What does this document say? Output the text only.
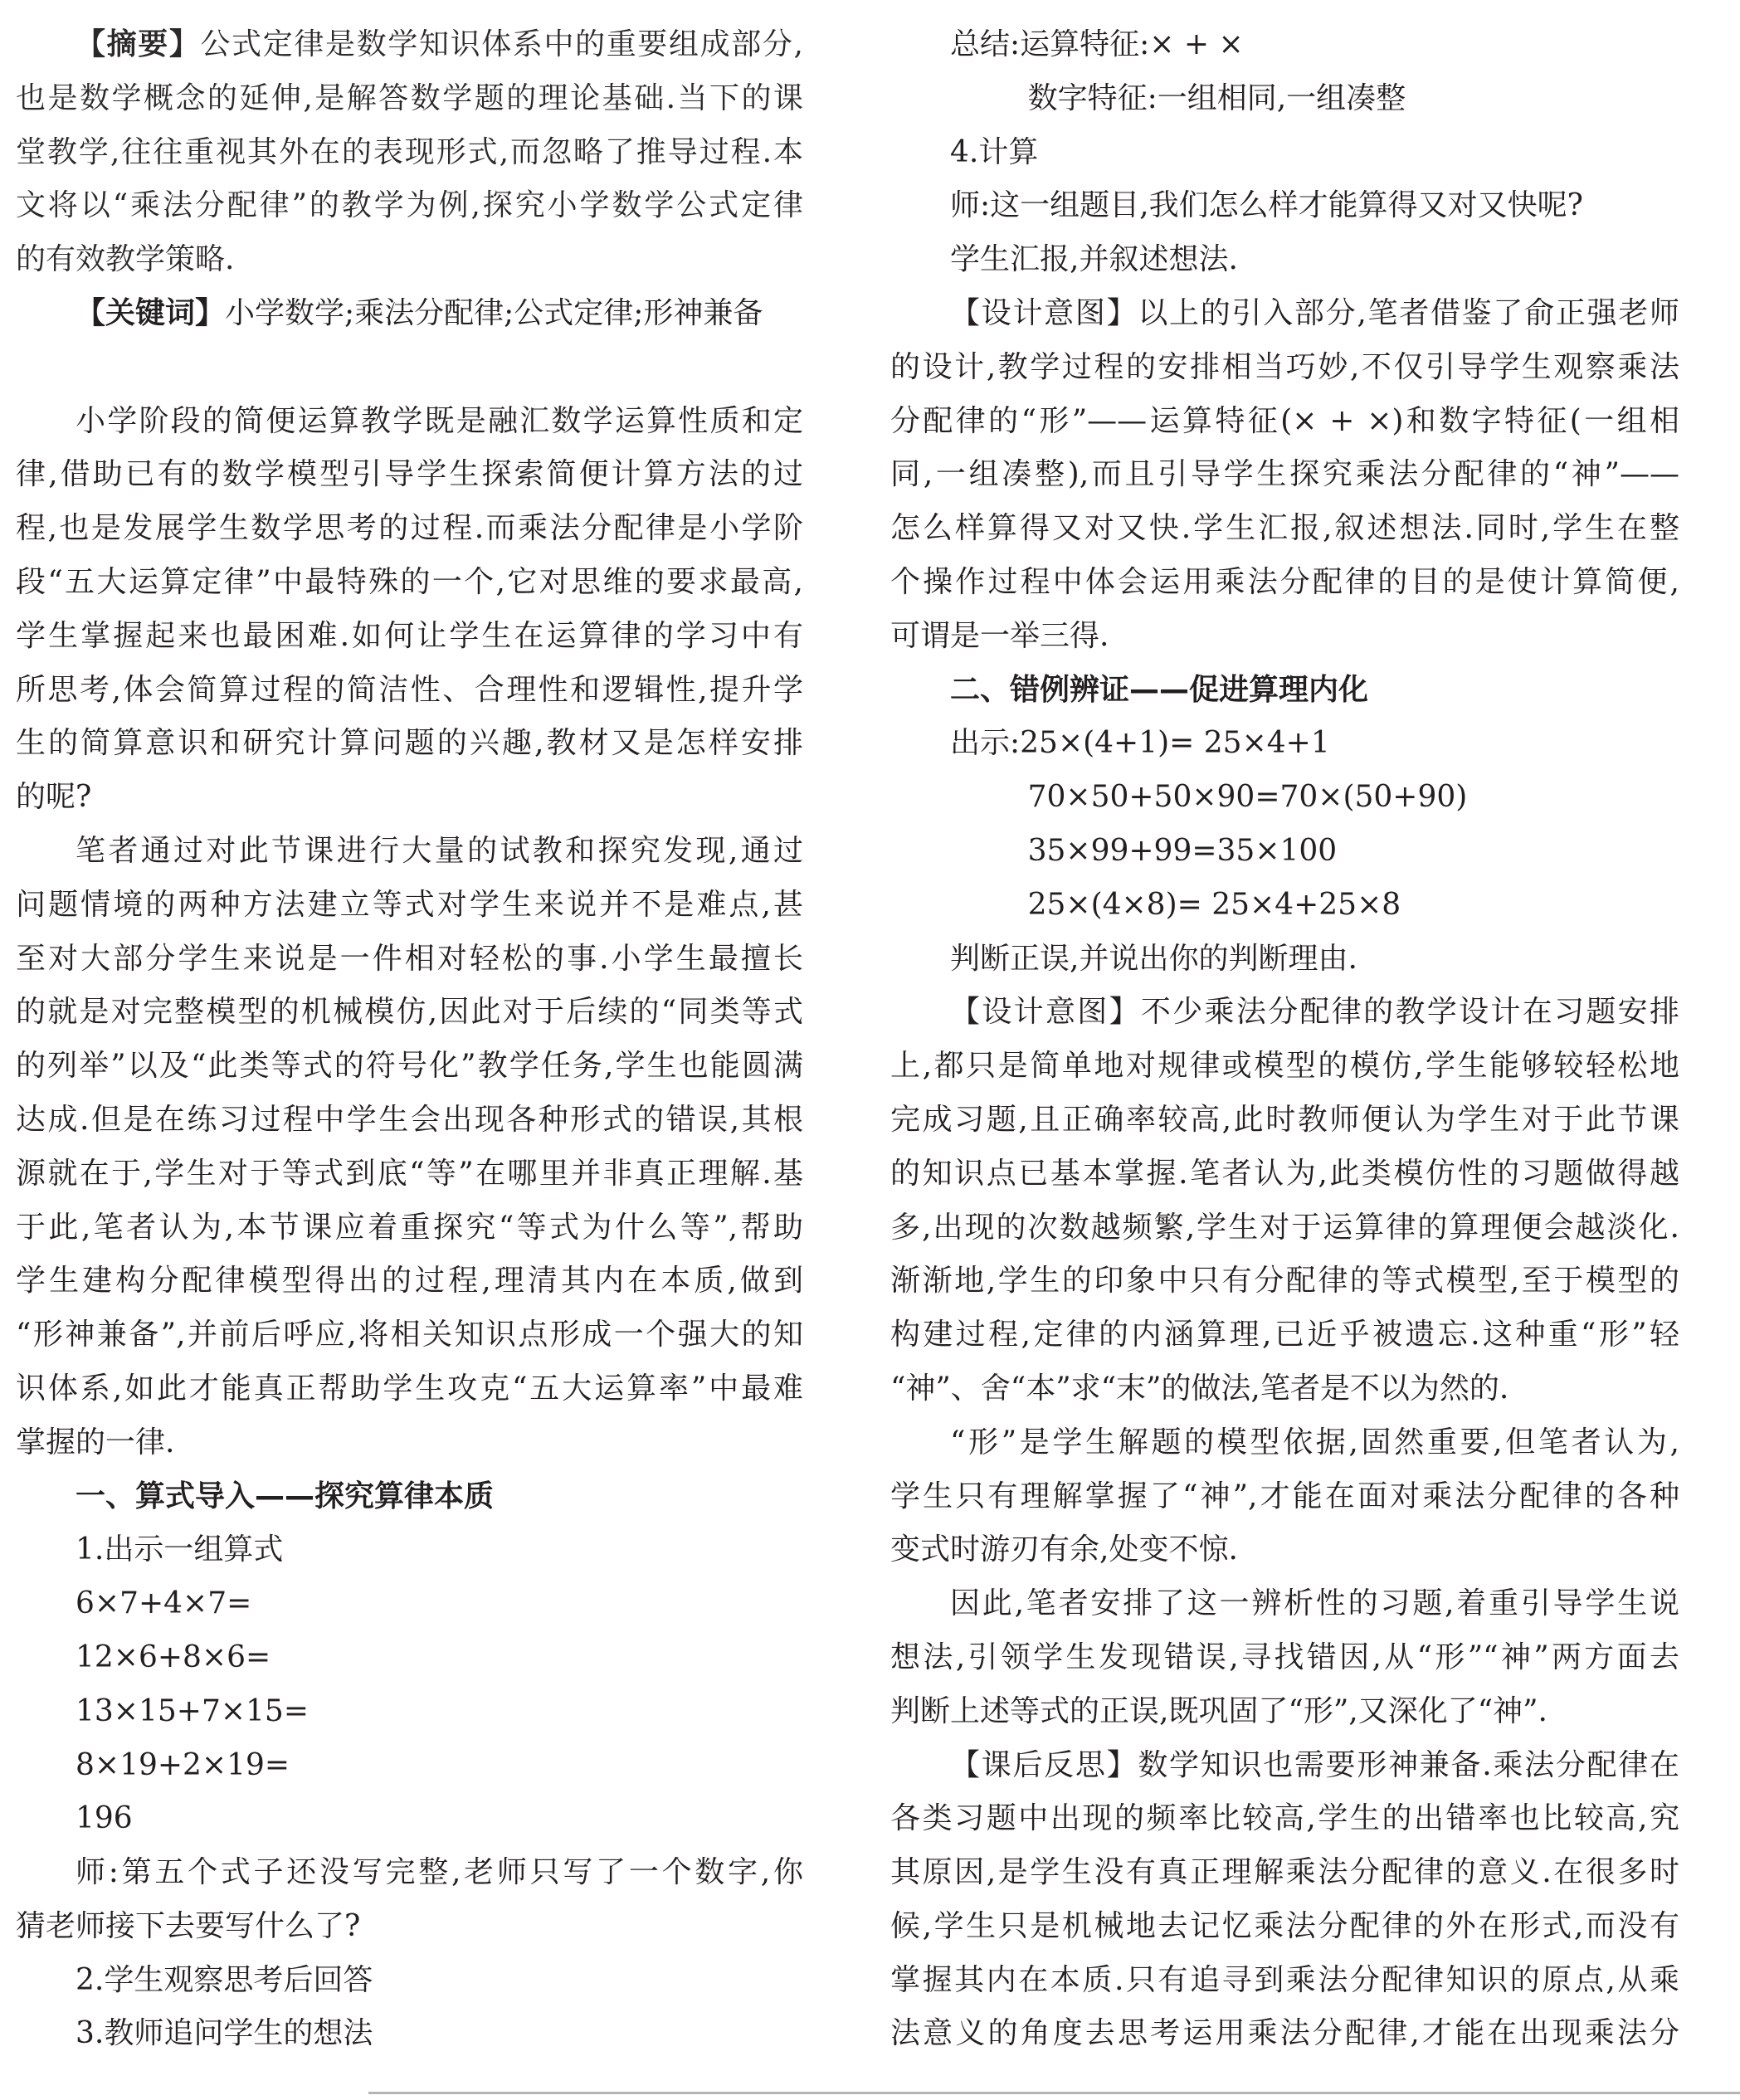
【摘要】公式定律是数学知识体系中的重要组成部分,
也是数学概念的延伸,是解答数学题的理论基础.当下的课
堂教学,往往重视其外在的表现形式,而忽略了推导过程.本
文将以“乘法分配律”的教学为例,探究小学数学公式定律
的有效教学策略.
【关键词】小学数学;乘法分配律;公式定律;形神兼备
小学阶段的简便运算教学既是融汇数学运算性质和定
律,借助已有的数学模型引导学生探索简便计算方法的过
程,也是发展学生数学思考的过程.而乘法分配律是小学阶
段“五大运算定律”中最特殊的一个,它对思维的要求最高,
学生掌握起来也最困难.如何让学生在运算律的学习中有
所思考,体会简算过程的简洁性、合理性和逻辑性,提升学
生的简算意识和研究计算问题的兴趣,教材又是怎样安排
的呢?
笔者通过对此节课进行大量的试教和探究发现,通过
问题情境的两种方法建立等式对学生来说并不是难点,甚
至对大部分学生来说是一件相对轻松的事.小学生最擅长
的就是对完整模型的机械模仿,因此对于后续的“同类等式
的列举”以及“此类等式的符号化”教学任务,学生也能圆满
达成.但是在练习过程中学生会出现各种形式的错误,其根
源就在于,学生对于等式到底“等”在哪里并非真正理解.基
于此,笔者认为,本节课应着重探究“等式为什么等”,帮助
学生建构分配律模型得出的过程,理清其内在本质,做到
“形神兼备”,并前后呼应,将相关知识点形成一个强大的知
识体系,如此才能真正帮助学生攻克“五大运算率”中最难
掌握的一律.
一、算式导入——探究算律本质
1.出示一组算式
6×7+4×7=
12×6+8×6=
13×15+7×15=
8×19+2×19=
196
师:第五个式子还没写完整,老师只写了一个数字,你
猜老师接下去要写什么了?
2.学生观察思考后回答
3.教师追问学生的想法
总结:运算特征:× + ×
数字特征:一组相同,一组凑整
4.计算
师:这一组题目,我们怎么样才能算得又对又快呢?
学生汇报,并叙述想法.
【设计意图】以上的引入部分,笔者借鉴了俞正强老师
的设计,教学过程的安排相当巧妙,不仅引导学生观察乘法
分配律的“形”——运算特征(× + ×)和数字特征(一组相
同,一组凑整),而且引导学生探究乘法分配律的“神”——
怎么样算得又对又快.学生汇报,叙述想法.同时,学生在整
个操作过程中体会运用乘法分配律的目的是使计算简便,
可谓是一举三得.
二、错例辨证——促进算理内化
出示:25×(4+1)= 25×4+1
70×50+50×90=70×(50+90)
35×99+99=35×100
25×(4×8)= 25×4+25×8
判断正误,并说出你的判断理由.
【设计意图】不少乘法分配律的教学设计在习题安排
上,都只是简单地对规律或模型的模仿,学生能够较轻松地
完成习题,且正确率较高,此时教师便认为学生对于此节课
的知识点已基本掌握.笔者认为,此类模仿性的习题做得越
多,出现的次数越频繁,学生对于运算律的算理便会越淡化.
渐渐地,学生的印象中只有分配律的等式模型,至于模型的
构建过程,定律的内涵算理,已近乎被遗忘.这种重“形”轻
“神”、舍“本”求“末”的做法,笔者是不以为然的.
“形”是学生解题的模型依据,固然重要,但笔者认为,
学生只有理解掌握了“神”,才能在面对乘法分配律的各种
变式时游刃有余,处变不惊.
因此,笔者安排了这一辨析性的习题,着重引导学生说
想法,引领学生发现错误,寻找错因,从“形”“神”两方面去
判断上述等式的正误,既巩固了“形”,又深化了“神”.
【课后反思】数学知识也需要形神兼备.乘法分配律在
各类习题中出现的频率比较高,学生的出错率也比较高,究
其原因,是学生没有真正理解乘法分配律的意义.在很多时
候,学生只是机械地去记忆乘法分配律的外在形式,而没有
掌握其内在本质.只有追寻到乘法分配律知识的原点,从乘
法意义的角度去思考运用乘法分配律,才能在出现乘法分
